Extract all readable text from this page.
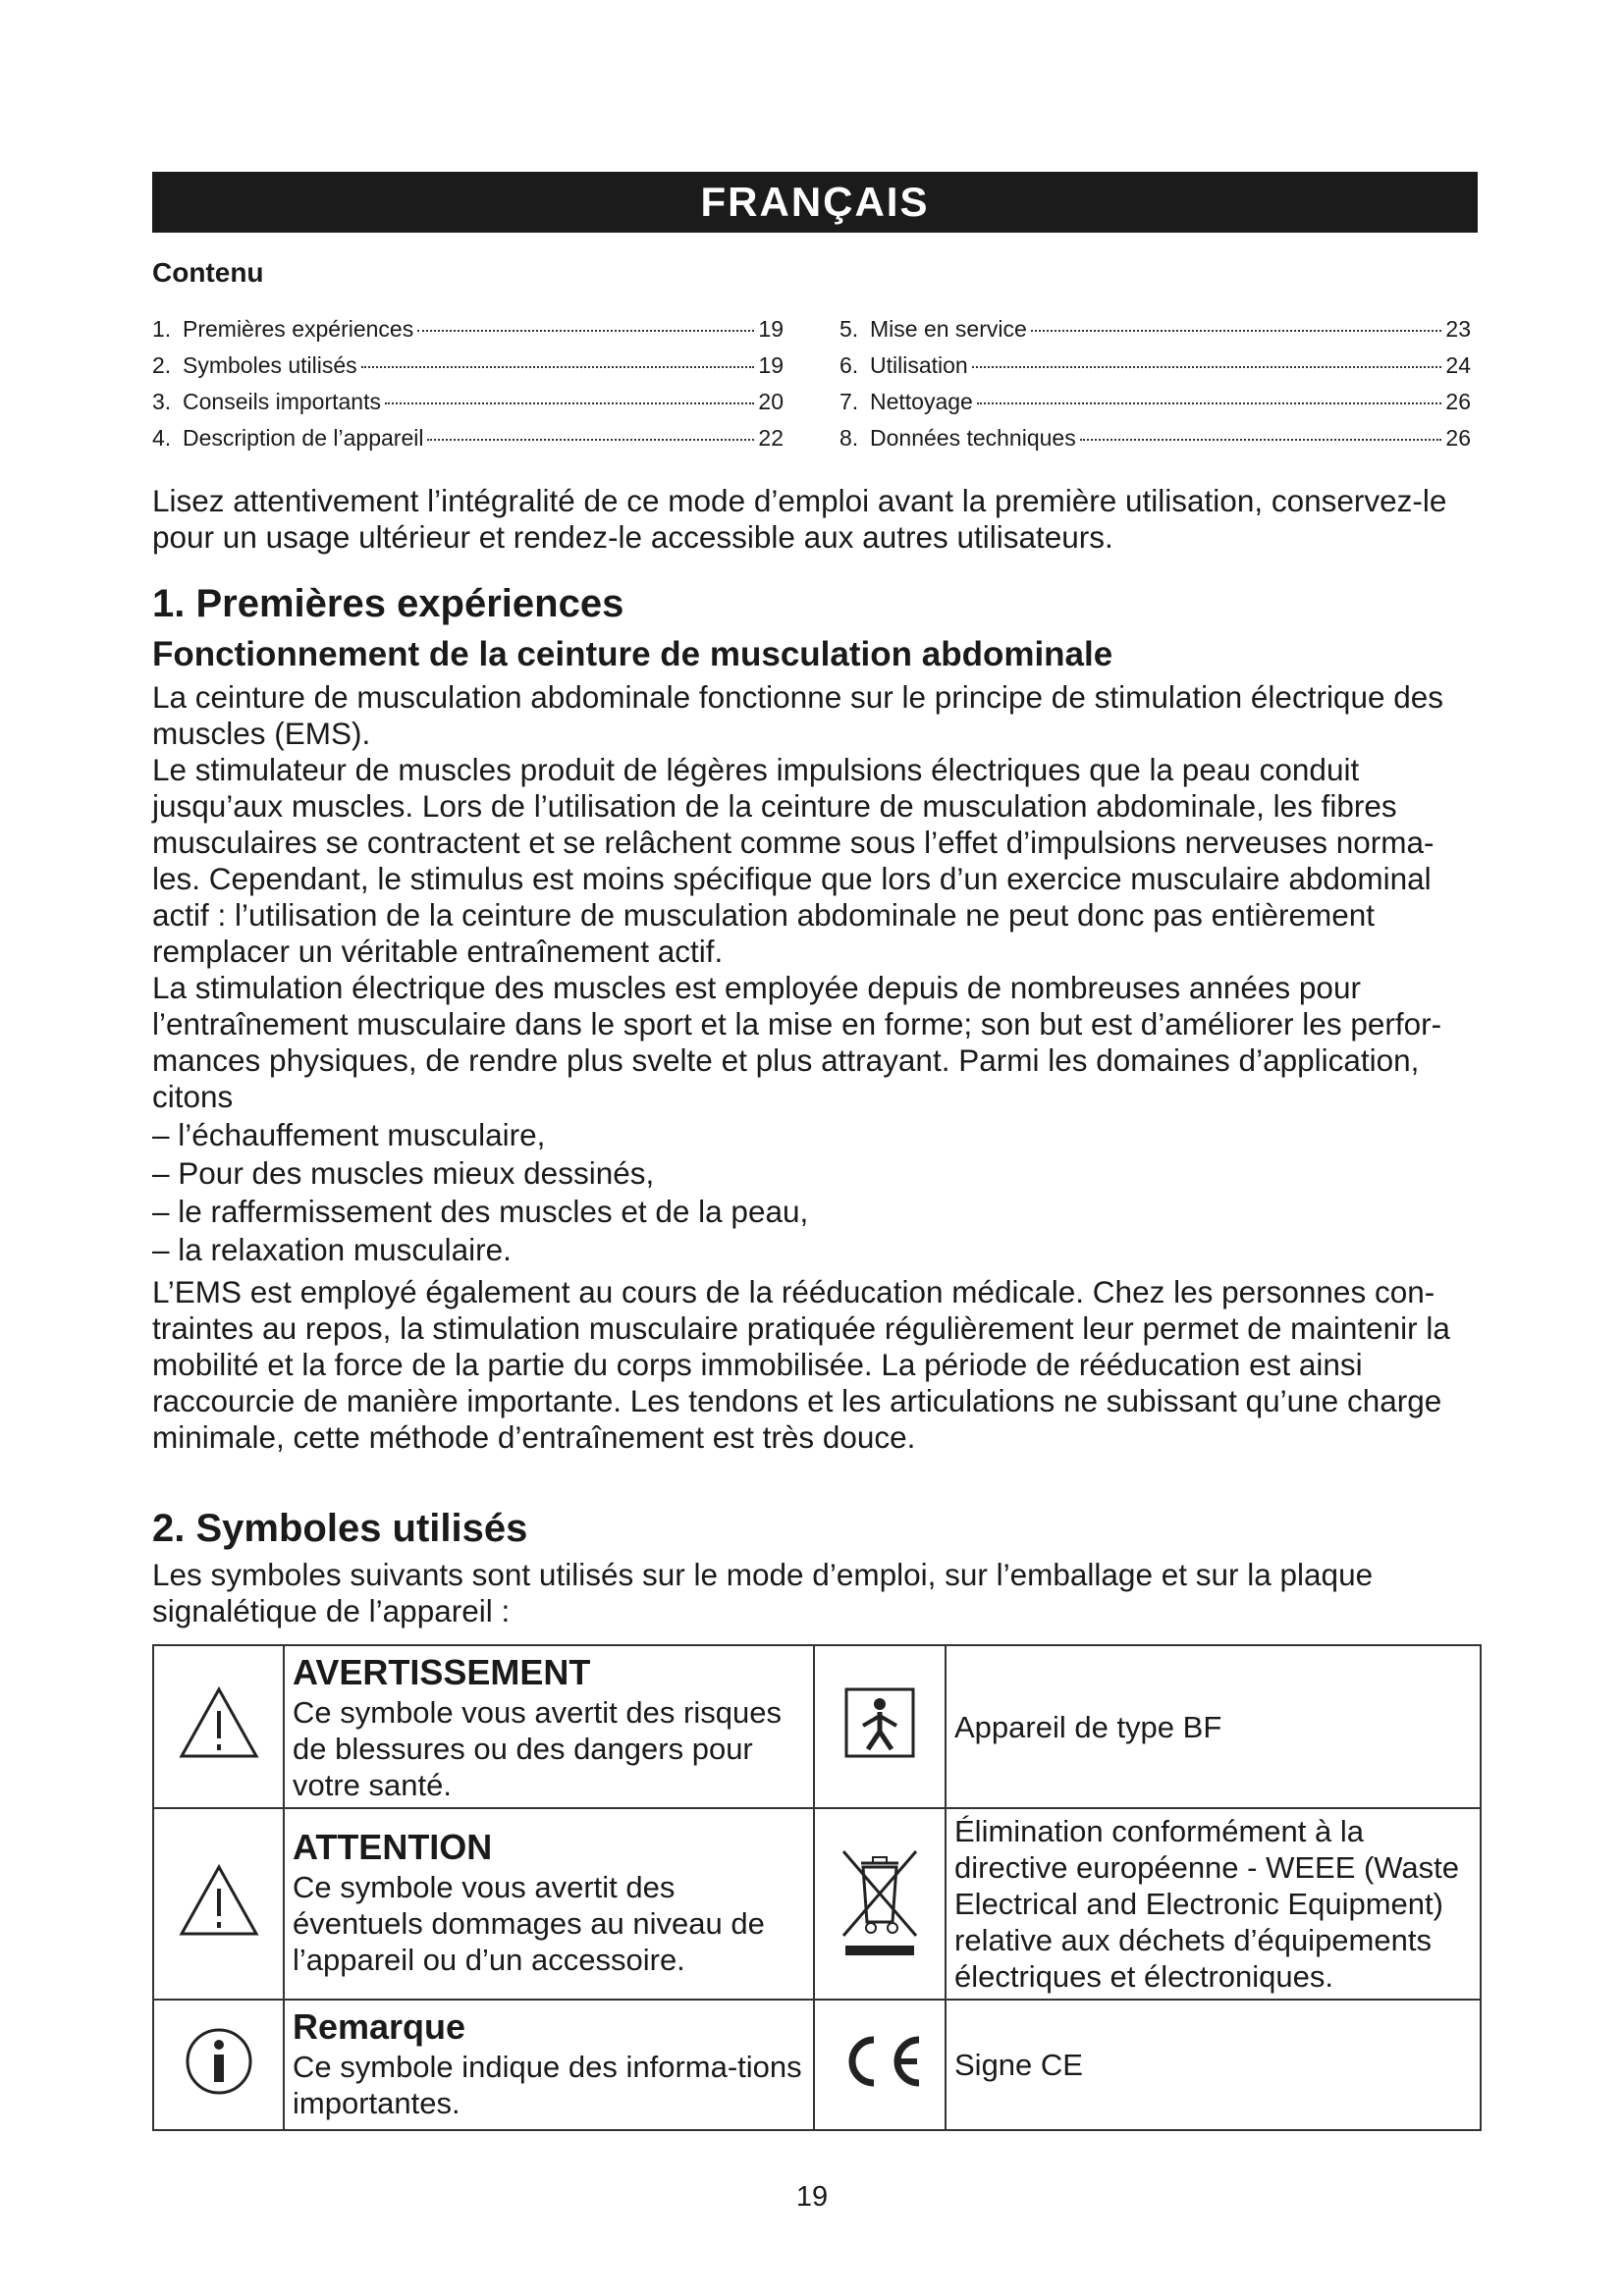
FRANÇAIS
Contenu
1. Premières expériences	19
2. Symboles utilisés	19
3. Conseils importants	20
4. Description de l’appareil	22
5. Mise en service	23
6. Utilisation	24
7. Nettoyage	26
8. Données techniques	26
Lisez attentivement l’intégralité de ce mode d’emploi avant la première utilisation, conservez-le pour un usage ultérieur et rendez-le accessible aux autres utilisateurs.
1. Premières expériences
Fonctionnement de la ceinture de musculation abdominale

La ceinture de musculation abdominale fonctionne sur le principe de stimulation électrique des muscles (EMS).

Le stimulateur de muscles produit de légères impulsions électriques que la peau conduit jusqu’aux muscles. Lors de l’utilisation de la ceinture de musculation abdominale, les fibres musculaires se contractent et se relâchent comme sous l’effet d’impulsions nerveuses norma-les. Cependant, le stimulus est moins spécifique que lors d’un exercice musculaire abdominal actif : l’utilisation de la ceinture de musculation abdominale ne peut donc pas entièrement remplacer un véritable entraînement actif.

La stimulation électrique des muscles est employée depuis de nombreuses années pour l’entraînement musculaire dans le sport et la mise en forme; son but est d’améliorer les perfor-mances physiques, de rendre plus svelte et plus attrayant. Parmi les domaines d’application, citons

– l’échauffement musculaire,
– Pour des muscles mieux dessinés,
– le raffermissement des muscles et de la peau,
– la relaxation musculaire.

L’EMS est employé également au cours de la rééducation médicale. Chez les personnes con-traintes au repos, la stimulation musculaire pratiquée régulièrement leur permet de maintenir la mobilité et la force de la partie du corps immobilisée. La période de rééducation est ainsi raccourcie de manière importante. Les tendons et les articulations ne subissant qu’une charge minimale, cette méthode d’entraînement est très douce.

2. Symboles utilisés
Les symboles suivants sont utilisés sur le mode d’emploi, sur l’emballage et sur la plaque signalétique de l’appareil :

AVERTISSEMENT
Ce symbole vous avertit des risques de blessures ou des dangers pour votre santé.		Appareil de type BF

ATTENTION
Ce symbole vous avertit des éventuels dommages au niveau de l’appareil ou d’un accessoire.		Élimination conformément à la directive européenne - WEEE (Waste Electrical and Electronic Equipment) relative aux déchets d’équipements électriques et électroniques.

Remarque
Ce symbole indique des informa-tions importantes.		Signe CE
19
